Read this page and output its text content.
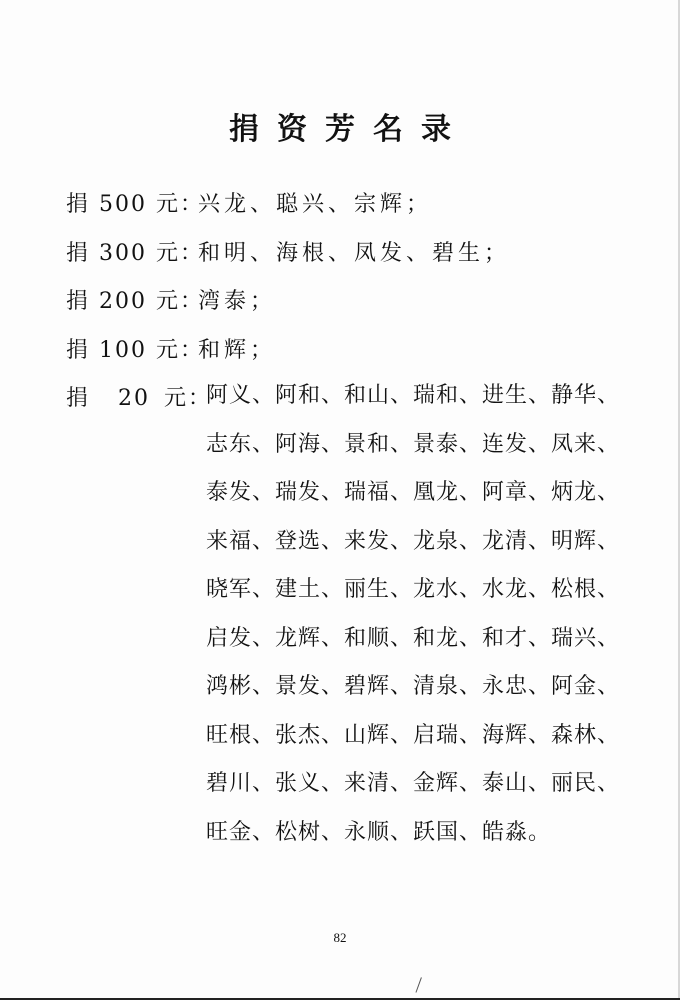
捐资芳名录
捐 500 元：
兴龙、聪兴、宗辉；
捐 300 元：
和明、海根、凤发、碧生；
捐 200 元：
湾泰；
捐 100 元：
和辉；
捐 20 元：
阿义、阿和、和山、瑞和、进生、静华、
志东、阿海、景和、景泰、连发、凤来、
泰发、瑞发、瑞福、凰龙、阿章、炳龙、
来福、登选、来发、龙泉、龙清、明辉、
晓军、建土、丽生、龙水、水龙、松根、
启发、龙辉、和顺、和龙、和才、瑞兴、
鸿彬、景发、碧辉、清泉、永忠、阿金、
旺根、张杰、山辉、启瑞、海辉、森林、
碧川、张义、来清、金辉、泰山、丽民、
旺金、松树、永顺、跃国、皓淼。
82
